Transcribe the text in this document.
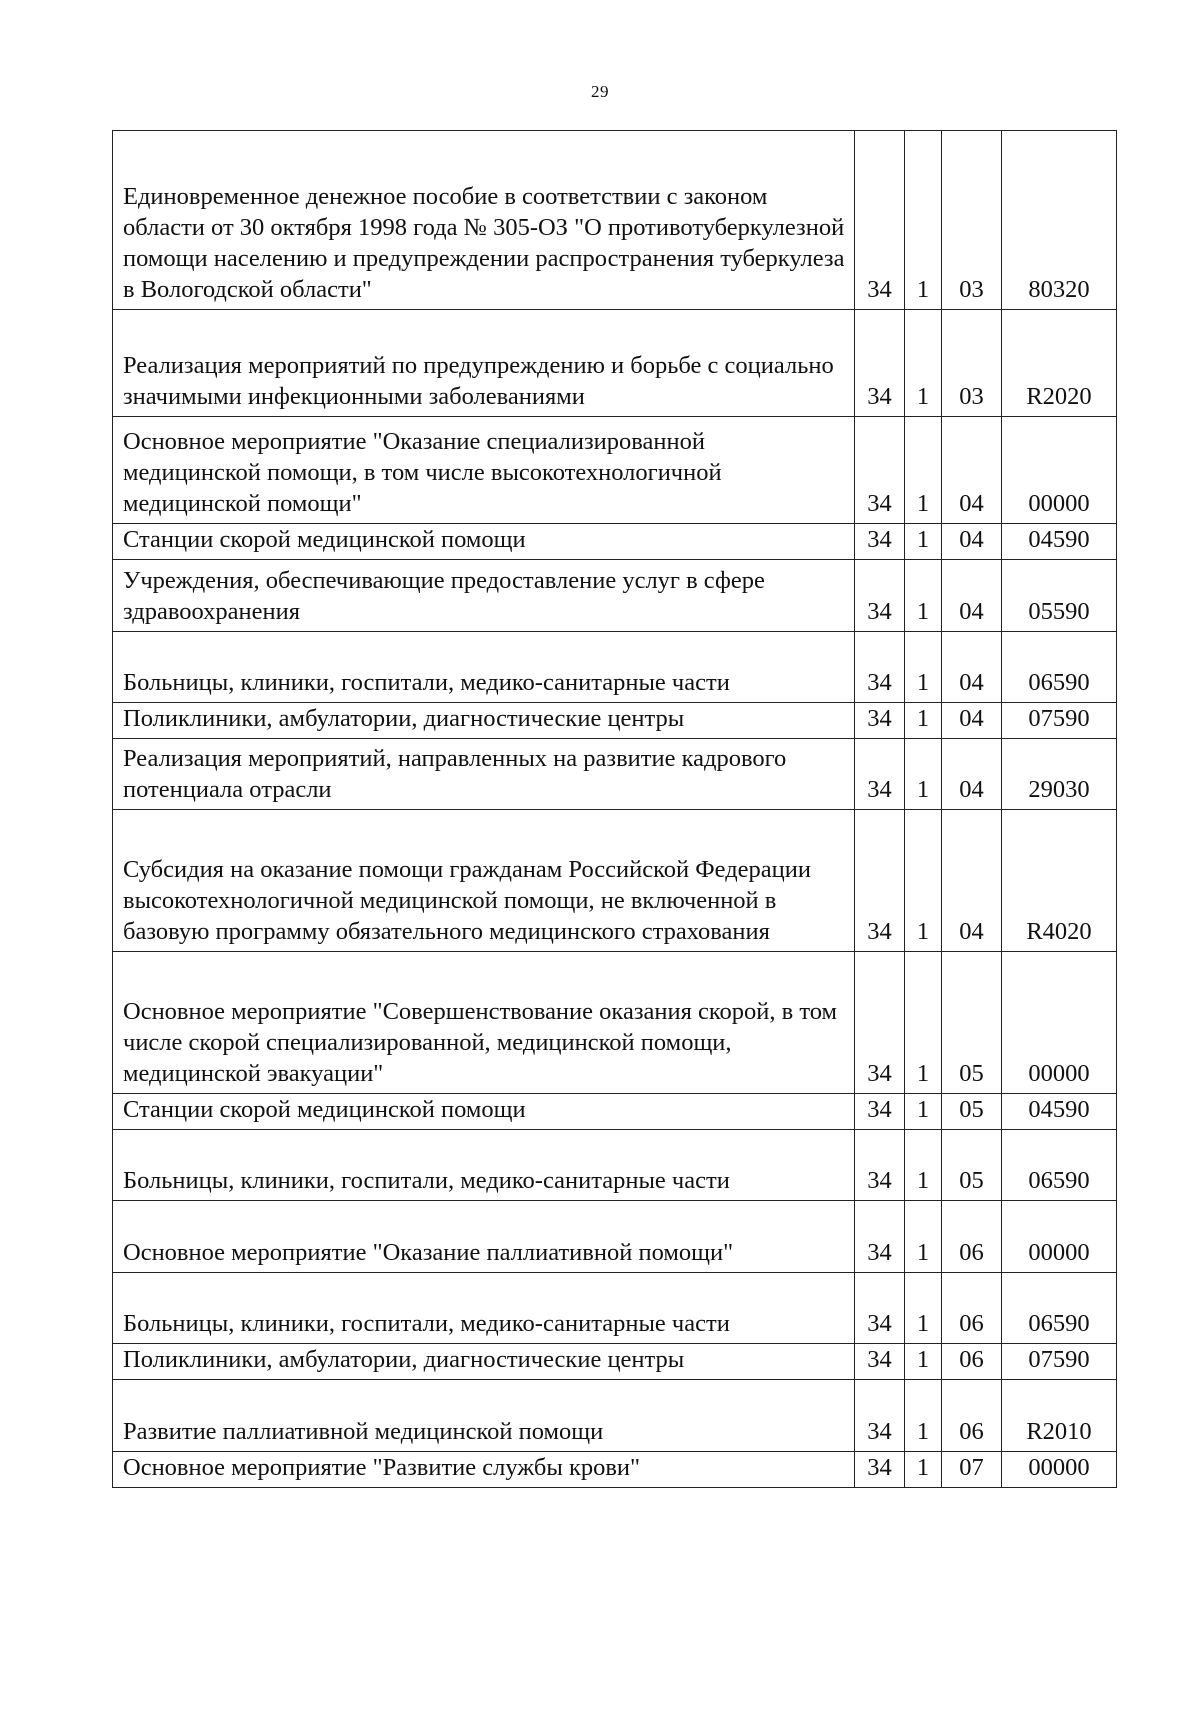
29
Единовременное денежное пособие в соответствии с законом области от 30 октября 1998 года № 305-ОЗ "О противотуберкулезной помощи населению и предупреждении распространения туберкулеза в Вологодской области"	34	1	03	80320
Реализация мероприятий по предупреждению и борьбе с социально значимыми инфекционными заболеваниями	34	1	03	R2020
Основное мероприятие "Оказание специализированной медицинской помощи, в том числе высокотехнологичной медицинской помощи"	34	1	04	00000
Станции скорой медицинской помощи	34	1	04	04590
Учреждения, обеспечивающие предоставление услуг в сфере здравоохранения	34	1	04	05590
Больницы, клиники, госпитали, медико-санитарные части	34	1	04	06590
Поликлиники, амбулатории, диагностические центры	34	1	04	07590
Реализация мероприятий, направленных на развитие кадрового потенциала отрасли	34	1	04	29030
Субсидия на оказание помощи гражданам Российской Федерации высокотехнологичной медицинской помощи, не включенной в базовую программу обязательного медицинского страхования	34	1	04	R4020
Основное мероприятие "Совершенствование оказания скорой, в том числе скорой специализированной, медицинской помощи, медицинской эвакуации"	34	1	05	00000
Станции скорой медицинской помощи	34	1	05	04590
Больницы, клиники, госпитали, медико-санитарные части	34	1	05	06590
Основное мероприятие "Оказание паллиативной помощи"	34	1	06	00000
Больницы, клиники, госпитали, медико-санитарные части	34	1	06	06590
Поликлиники, амбулатории, диагностические центры	34	1	06	07590
Развитие паллиативной медицинской помощи	34	1	06	R2010
Основное мероприятие "Развитие службы крови"	34	1	07	00000
